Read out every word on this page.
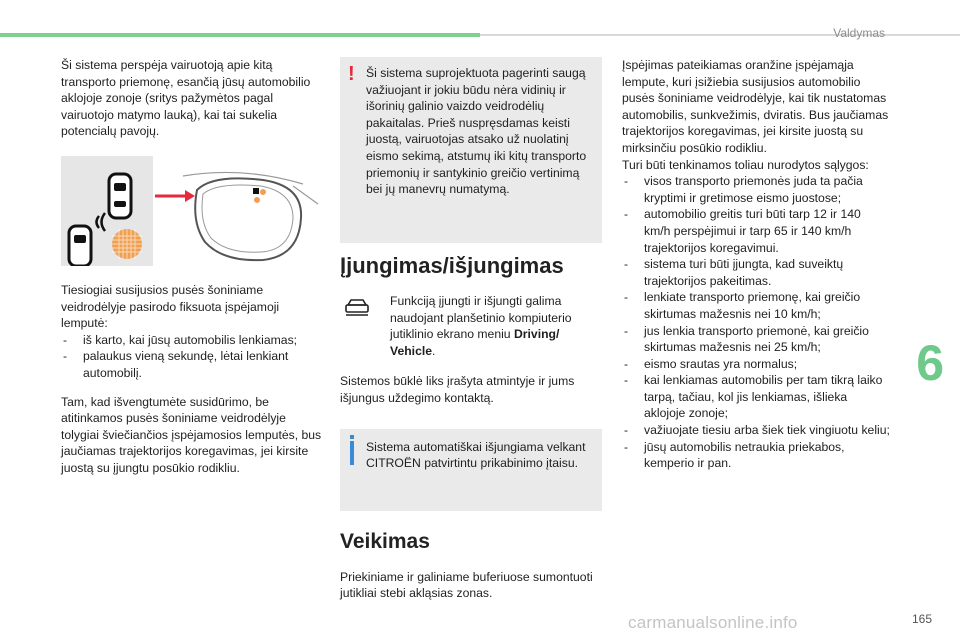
Valdymas
6

Ši sistema perspėja vairuotoją apie kitą transporto priemonę, esančią jūsų automobilio aklojoje zonoje (sritys pažymėtos pagal vairuotojo matymo lauką), kai tai sukelia potencialų pavojų.

Tiesiogiai susijusios pusės šoniniame veidrodėlyje pasirodo fiksuota įspėjamoji lemputė:

- iš karto, kai jūsų automobilis lenkiamas;
- palaukus vieną sekundę, lėtai lenkiant automobilį.

Tam, kad išvengtumėte susidūrimo, be atitinkamos pusės šoniniame veidrodėlyje tolygiai šviečiančios įspėjamosios lemputės, bus jaučiamas trajektorijos koregavimas, jei kirsite juostą su įjungtu posūkio rodikliu.

! Ši sistema suprojektuota pagerinti saugą važiuojant ir jokiu būdu nėra vidinių ir išorinių galinio vaizdo veidrodėlių pakaitalas. Prieš nuspręsdamas keisti juostą, vairuotojas atsako už nuolatinį eismo sekimą, atstumų iki kitų transporto priemonių ir santykinio greičio vertinimą bei jų manevrų numatymą.
Įjungimas/išjungimas
Funkciją įjungti ir išjungti galima naudojant planšetinio kompiuterio jutiklinio ekrano meniu Driving/ Vehicle.

Sistemos būklė liks įrašyta atmintyje ir jums išjungus uždegimo kontaktą.

Sistema automatiškai išjungiama velkant CITROËN patvirtintu prikabinimo įtaisu.
Veikimas

Priekiniame ir galiniame buferiuose sumontuoti jutikliai stebi akląsias zonas.

Įspėjimas pateikiamas oranžine įspėjamąja lempute, kuri įsižiebia susijusios automobilio pusės šoniniame veidrodėlyje, kai tik nustatomas automobilis, sunkvežimis, dviratis. Bus jaučiamas trajektorijos koregavimas, jei kirsite juostą su mirksinčiu posūkio rodikliu.

Turi būti tenkinamos toliau nurodytos sąlygos:

- visos transporto priemonės juda ta pačia kryptimi ir gretimose eismo juostose;
- automobilio greitis turi būti tarp 12 ir 140 km/h perspėjimui ir tarp 65 ir 140 km/h trajektorijos koregavimui.
- sistema turi būti įjungta, kad suveiktų trajektorijos pakeitimas.
- lenkiate transporto priemonę, kai greičio skirtumas mažesnis nei 10 km/h;
- jus lenkia transporto priemonė, kai greičio skirtumas mažesnis nei 25 km/h;
- eismo srautas yra normalus;
- kai lenkiamas automobilis per tam tikrą laiko tarpą, tačiau, kol jis lenkiamas, išlieka aklojoje zonoje;
- važiuojate tiesiu arba šiek tiek vingiuotu keliu;
- jūsų automobilis netraukia priekabos, kemperio ir pan.
carmanualsonline.info	165
